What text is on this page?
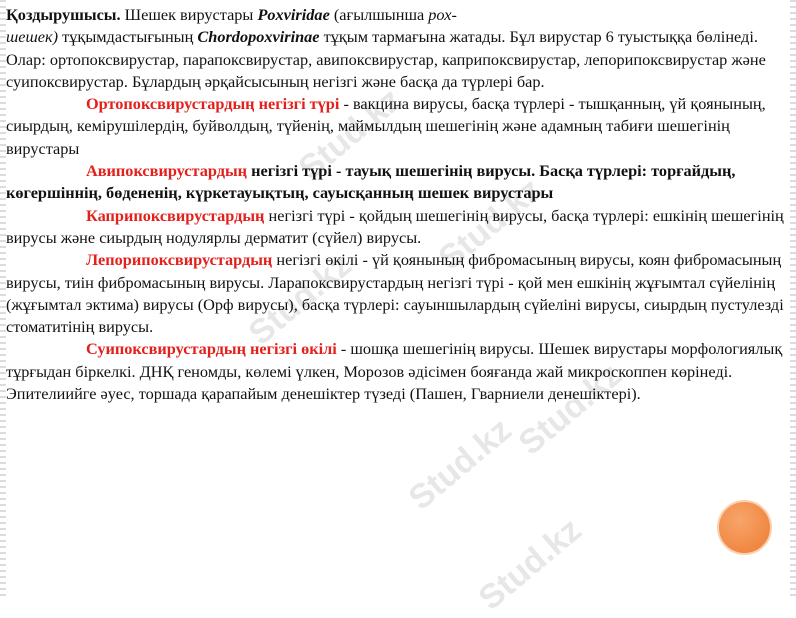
Stud.kz
Stud.kz
Stud.kz
Stud.kz
Stud.kz
Stud.kz

Қоздырушысы. Шешек вирустары Poxviridae (ағылшынша рох-
шешек) тұқымдастығының Сһordopoxvirinae тұқым тармағына жатады. Бұл вирустар 6 туыстыққа бөлінеді. Олар: ортопоксвирустар, парапоксвирустар, авипоксвирустар, каприпоксвирустар, лепорипоксвирустар және суипоксвирустар. Бұлардың әрқайсысының негізгі және басқа да түрлері бар.

Ортопоксвирустардың негізгі түрі - вакцина вирусы, басқа түрлері - тышқанның, үй қоянының, сиырдың, кемірушілердің, буйволдың, түйенің, маймылдың шешегінің және адамның табиғи шешегінің вирустары

Авипоксвирустардың негізгі түрі - тауық шешегінің вирусы. Басқа түрлері: торғайдың, көгершіннің, бөдененің, күркетауықтың, сауысқанның шешек вирустары

Каприпоксвирустардың негізгі түрі - қойдың шешегінің вирусы, басқа түрлері: ешкінің шешегінің вирусы және сиырдың нодулярлы дерматит (сүйел) вирусы.

Лепорипоксвирустардың негізгі өкілі - үй қоянының фибромасының вирусы, коян фибромасының вирусы, тиін фибромасының вирусы. Ларапоксвирустардың негізгі түрі - қой мен ешкінің жұғымтал сүйелінің (жұғымтал эктима) вирусы (Орф вирусы), басқа түрлері: сауыншылардың сүйеліні вирусы, сиырдың пустулезді стоматитінің вирусы.

Суипоксвирустардың негізгі өкілі - шошқа шешегінің вирусы. Шешек вирустары морфологиялық тұрғыдан біркелкі. ДНҚ геномды, көлемі үлкен, Морозов әдісімен бояғанда жай микроскоппен көрінеді. Эпителиийге әуес, торшада қарапайым денешіктер түзеді (Пашен, Гварниели денешіктері).
